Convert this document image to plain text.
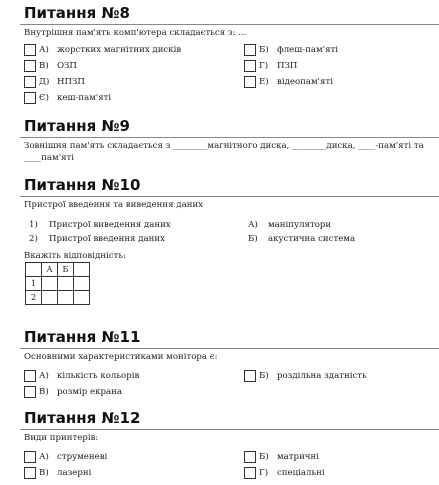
Питання №8
Внутрішня пам'ять комп'ютера складається з: ...
А) жорстких магнітних дисків	Б) флеш-пам'яті
В) ОЗП	Г)	ПЗП
Д) НПЗП	Е) відеопам'яті
Є) кеш-пам'яті
Питання №9
Зовнішня пам'ять складається з ________магнітного диска, ________диска, ____-пам'яті та ____пам'яті
Питання №10
Пристрої введення та виведення даних
1)	Пристрої виведення даних
2)	Пристрої введення даних
А)	маніпулятори
Б)	акустична система
Вкажіть відповідність:
	А	Б	
1			
2			
Питання №11
Основними характеристиками монітора є:
А) кількість кольорів	Б) роздільна здатність
В) розмір екрана
Питання №12
Види принтерів:
А) струменеві	Б) матричні
В) лазерні	Г)	спеціальні
